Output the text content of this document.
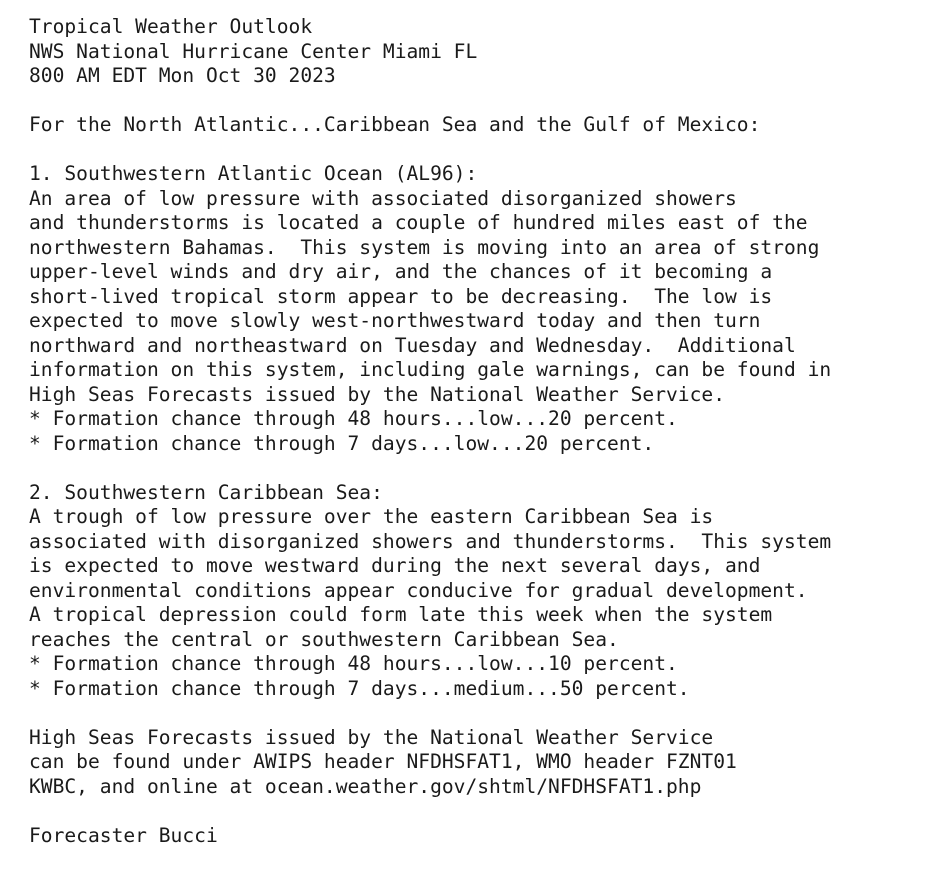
Tropical Weather Outlook
NWS National Hurricane Center Miami FL
800 AM EDT Mon Oct 30 2023
For the North Atlantic...Caribbean Sea and the Gulf of Mexico:
1. Southwestern Atlantic Ocean (AL96):
An area of low pressure with associated disorganized showers
and thunderstorms is located a couple of hundred miles east of the
northwestern Bahamas.  This system is moving into an area of strong
upper-level winds and dry air, and the chances of it becoming a
short-lived tropical storm appear to be decreasing.  The low is
expected to move slowly west-northwestward today and then turn
northward and northeastward on Tuesday and Wednesday.  Additional
information on this system, including gale warnings, can be found in
High Seas Forecasts issued by the National Weather Service.
* Formation chance through 48 hours...low...20 percent.
* Formation chance through 7 days...low...20 percent.
2. Southwestern Caribbean Sea:
A trough of low pressure over the eastern Caribbean Sea is
associated with disorganized showers and thunderstorms.  This system
is expected to move westward during the next several days, and
environmental conditions appear conducive for gradual development.
A tropical depression could form late this week when the system
reaches the central or southwestern Caribbean Sea.
* Formation chance through 48 hours...low...10 percent.
* Formation chance through 7 days...medium...50 percent.
High Seas Forecasts issued by the National Weather Service
can be found under AWIPS header NFDHSFAT1, WMO header FZNT01
KWBC, and online at ocean.weather.gov/shtml/NFDHSFAT1.php
Forecaster Bucci
